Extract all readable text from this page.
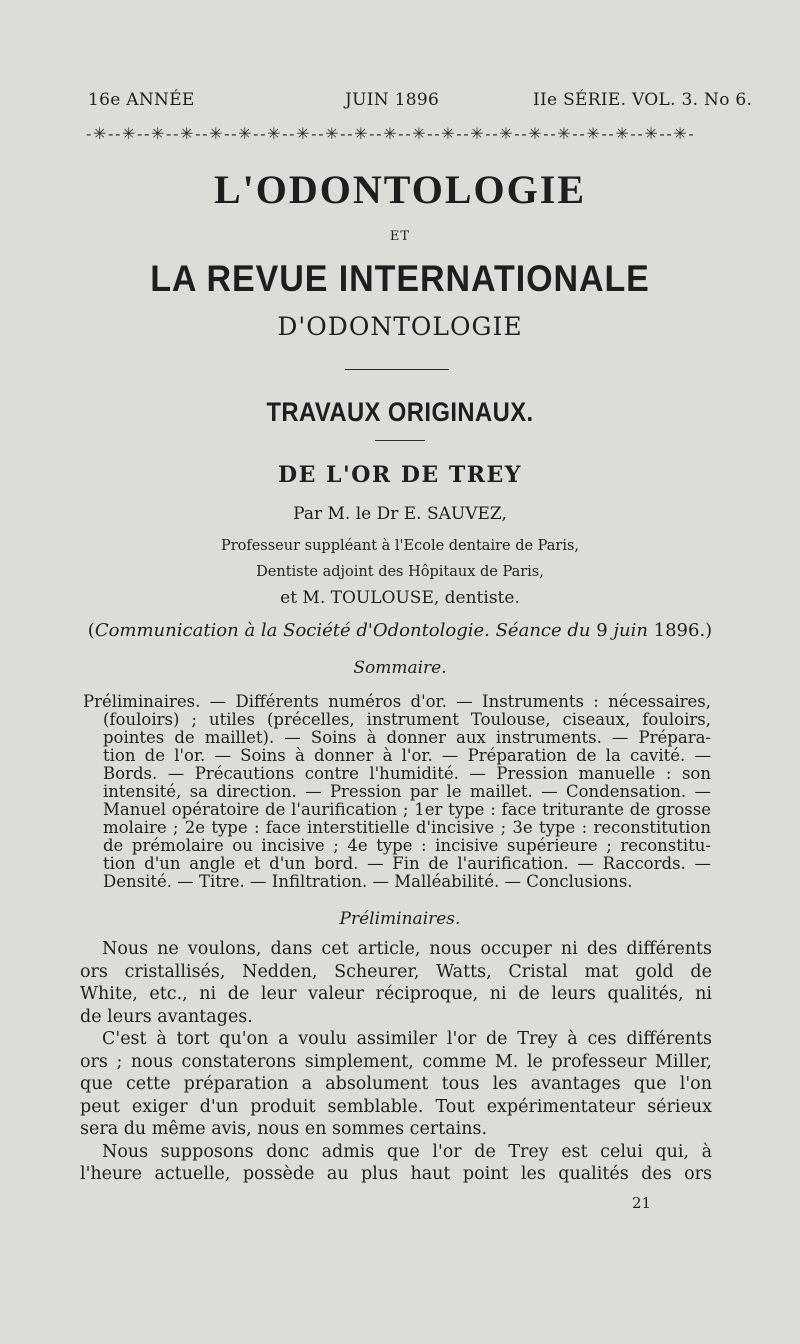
16e ANNÉE	JUIN 1896	IIe SÉRIE. VOL. 3. No 6.
-✳--✳--✳--✳--✳--✳--✳--✳--✳--✳--✳--✳--✳--✳--✳--✳--✳--✳--✳--✳--✳-
L'ODONTOLOGIE
ET
LA REVUE INTERNATIONALE
D'ODONTOLOGIE
TRAVAUX ORIGINAUX.
DE L'OR DE TREY
Par M. le Dr E. SAUVEZ,
Professeur suppléant à l'Ecole dentaire de Paris,
Dentiste adjoint des Hôpitaux de Paris,
et M. TOULOUSE, dentiste.
(Communication à la Société d'Odontologie. Séance du 9 juin 1896.)
Sommaire.
Préliminaires. — Différents numéros d'or. — Instruments : nécessaires,
(fouloirs) ; utiles (précelles, instrument Toulouse, ciseaux, fouloirs,
pointes de maillet). — Soins à donner aux instruments. — Prépara-
tion de l'or. — Soins à donner à l'or. — Préparation de la cavité. —
Bords. — Précautions contre l'humidité. — Pression manuelle : son
intensité, sa direction. — Pression par le maillet. — Condensation. —
Manuel opératoire de l'aurification ; 1er type : face triturante de grosse
molaire ; 2e type : face interstitielle d'incisive ; 3e type : reconstitution
de prémolaire ou incisive ; 4e type : incisive supérieure ; reconstitu-
tion d'un angle et d'un bord. — Fin de l'aurification. — Raccords. —
Densité. — Titre. — Infiltration. — Malléabilité. — Conclusions.
Préliminaires.
Nous ne voulons, dans cet article, nous occuper ni des différents
ors cristallisés, Nedden, Scheurer, Watts, Cristal mat gold de
White, etc., ni de leur valeur réciproque, ni de leurs qualités, ni
de leurs avantages.
C'est à tort qu'on a voulu assimiler l'or de Trey à ces différents
ors ; nous constaterons simplement, comme M. le professeur Miller,
que cette préparation a absolument tous les avantages que l'on
peut exiger d'un produit semblable. Tout expérimentateur sérieux
sera du même avis, nous en sommes certains.
Nous supposons donc admis que l'or de Trey est celui qui, à
l'heure actuelle, possède au plus haut point les qualités des ors
21
